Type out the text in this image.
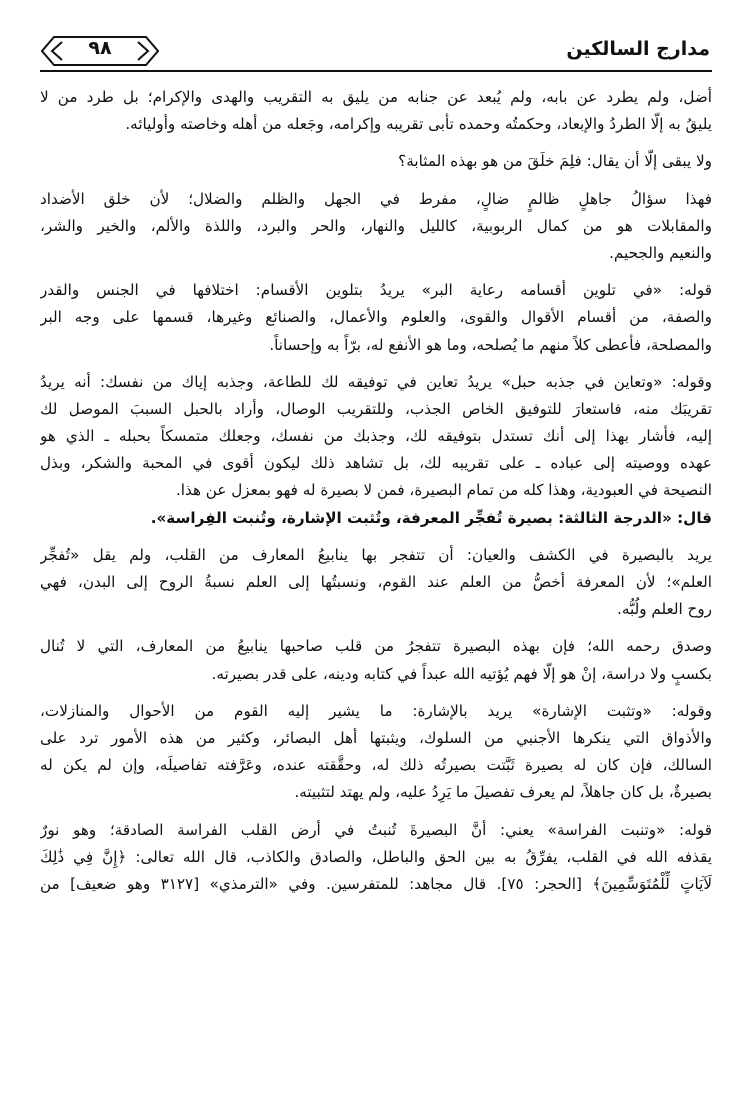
مدارج السالكين
٩٨
أضل، ولم يطرد عن بابه، ولم يُبعد عن جنابه من يليق به التقريب والهدى والإكرام؛ بل طرد من لا
يليقُ به إلّا الطردُ والإبعاد، وحكمتُه وحمده تأبى تقريبه وإكرامه، وجَعله من أهله وخاصته وأوليائه.
ولا يبقى إلّا أن يقال: فلِمَ خلَقَ من هو بهذه المثابة؟
فهذا سؤالُ جاهلٍ ظالمٍ ضالٍ، مفرط في الجهل والظلم والضلال؛ لأن خلق الأضداد
والمقابلات هو من كمال الربوبية، كالليل والنهار، والحر والبرد، واللذة والألم، والخير والشر،
والنعيم والجحيم.
قوله: «في تلوين أقسامه رعاية البر» يريدُ بتلوين الأقسام: اختلافها في الجنس والقدر
والصفة، من أقسام الأقوال والقوى، والعلوم والأعمال، والصنائع وغيرها، قسمها على وجه البر
والمصلحة، فأعطى كلاً منهم ما يُصلحه، وما هو الأنفع له، برّاً به وإحساناً.
وقوله: «وتعاين في جذبه حبل» يريدُ تعاين في توفيقه لك للطاعة، وجذبه إياك من نفسك: أنه يريدُ
تقريبَك منه، فاستعارَ للتوفيق الخاص الجذب، وللتقريب الوصال، وأراد بالحبل السببَ الموصل لك
إليه، فأشار بهذا إلى أنك تستدل بتوفيقه لك، وجذبك من نفسك، وجعلك متمسكاً بحبله ـ الذي هو
عهده ووصيته إلى عباده ـ على تقريبه لك، بل تشاهد ذلك ليكون أقوى في المحبة والشكر، وبذل
النصيحة في العبودية، وهذا كله من تمام البصيرة، فمن لا بصيرة له فهو بمعزل عن هذا.
قال: «الدرجة الثالثة: بصيرة تُفجِّر المعرفة، وتُثبت الإشارة، وتُنبت الفِراسة».
يريد بالبصيرة في الكشف والعيان: أن تتفجر بها ينابيعُ المعارف من القلب، ولم يقل «تُفجِّر
العلم»؛ لأن المعرفة أخصُّ من العلم عند القوم، ونسبتُها إلى العلم نسبةُ الروح إلى البدن، فهي
روح العلم ولُبُّه.
وصدق رحمه الله؛ فإن بهذه البصيرة تتفجرُ من قلب صاحبها ينابيعُ من المعارف، التي لا تُنال
بكسبٍ ولا دراسة، إنْ هو إلّا فهم يُؤتيه الله عبداً في كتابه ودينه، على قدر بصيرته.
وقوله: «وتثبت الإشارة» يريد بالإشارة: ما يشير إليه القوم من الأحوال والمنازلات،
والأذواق التي ينكرها الأجنبي من السلوك، ويثبتها أهل البصائر، وكثير من هذه الأمور ترد على
السالك، فإن كان له بصيرة ثَبَّتت بصيرتُه ذلك له، وحقَّقته عنده، وعَرَّفته تفاصيلَه، وإن لم يكن له
بصيرةٌ، بل كان جاهلاً، لم يعرف تفصيلَ ما يَرِدُ عليه، ولم يهتد لتثبيته.
قوله: «وتنبت الفراسة» يعني: أنَّ البصيرةَ تُنبتُ في أرض القلب الفراسة الصادقة؛ وهو نورٌ
يقذفه الله في القلب، يفرِّقُ به بين الحق والباطل، والصادق والكاذب، قال الله تعالى: ﴿إِنَّ فِي ذَٰلِكَ
لَآيَاتٍ لِّلْمُتَوَسِّمِينَ﴾ [الحجر: ٧٥]. قال مجاهد: للمتفرسين. وفي «الترمذي» [٣١٢٧ وهو ضعيف] من
